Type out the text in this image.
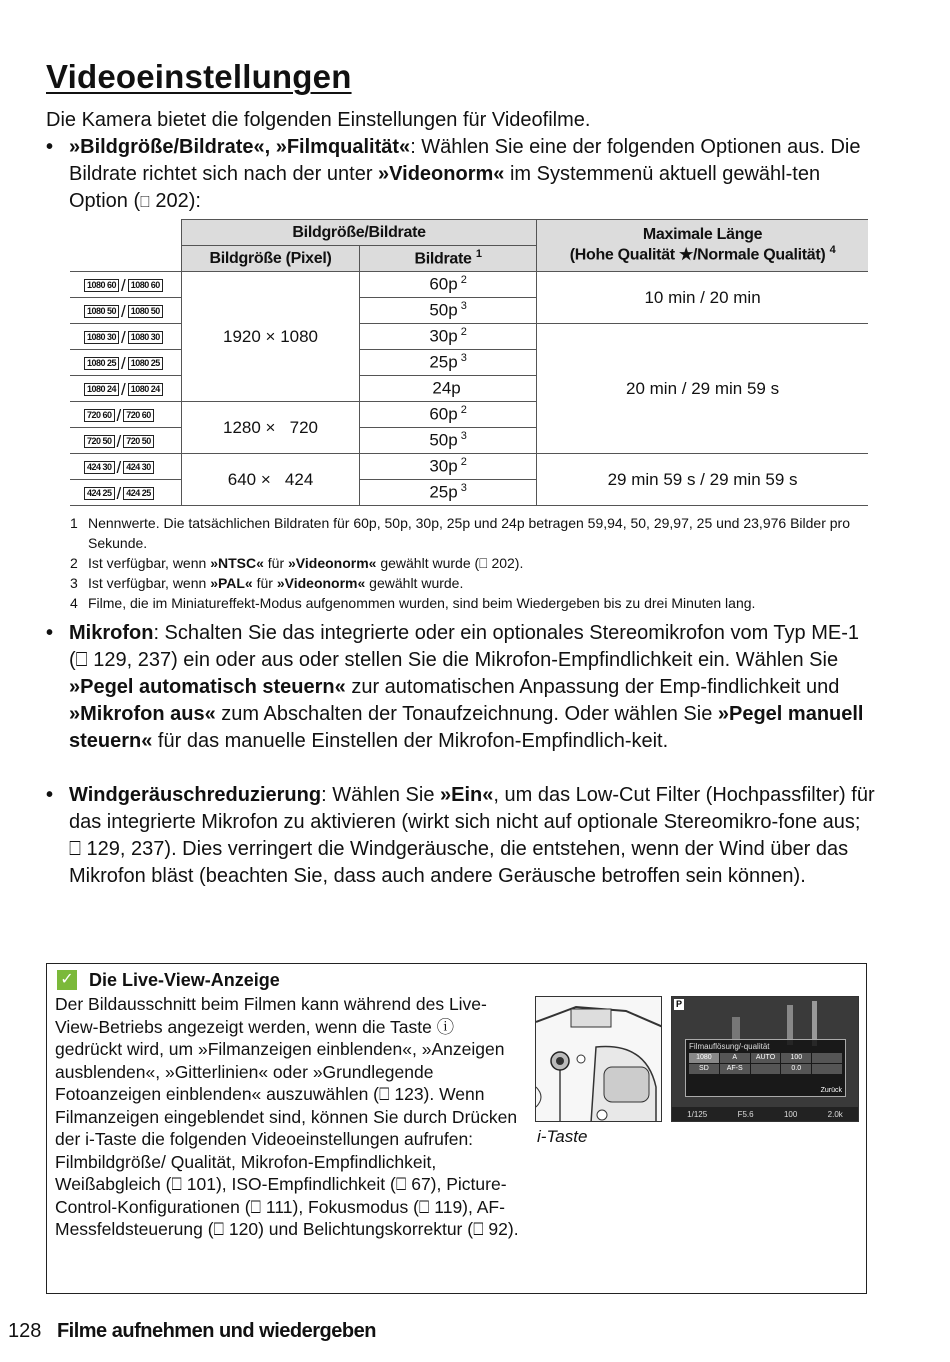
Videoeinstellungen
Die Kamera bietet die folgenden Einstellungen für Videofilme.
• »Bildgröße/Bildrate«, »Filmqualität«: Wählen Sie eine der folgenden Optionen aus. Die Bildrate richtet sich nach der unter »Videonorm« im Systemmenü aktuell gewähl-ten Option (⎕ 202):
	Bildgröße/Bildrate		Maximale Länge
(Hohe Qualität ★/Normale Qualität) $^4$

	Bildgröße (Pixel)	Bildrate $^1$

1080 60 / 1080 60	1920 × 1080	60p $^2$	10 min / 20 min

1080 50 / 1080 50		50p $^3$

1080 30 / 1080 30		30p $^2$	20 min / 29 min 59 s

1080 25 / 1080 25		25p $^3$

1080 24 / 1080 24		24p	

720 60 / 720 60	1280 ×   720	60p $^2$

720 50 / 720 50		50p $^3$

424 30 / 424 30	640 ×   424	30p $^2$	29 min 59 s / 29 min 59 s

424 25 / 424 25		25p $^3$
1 Nennwerte. Die tatsächlichen Bildraten für 60p, 50p, 30p, 25p und 24p betragen 59,94, 50, 29,97, 25 und 23,976 Bilder pro Sekunde.
2 Ist verfügbar, wenn »NTSC« für »Videonorm« gewählt wurde (⎕ 202).
3 Ist verfügbar, wenn »PAL« für »Videonorm« gewählt wurde.
4 Filme, die im Miniatureffekt-Modus aufgenommen wurden, sind beim Wiedergeben bis zu drei Minuten lang.
• Mikrofon: Schalten Sie das integrierte oder ein optionales Stereomikrofon vom Typ ME-1 (⎕ 129, 237) ein oder aus oder stellen Sie die Mikrofon-Empfindlichkeit ein. Wählen Sie »Pegel automatisch steuern« zur automatischen Anpassung der Emp-findlichkeit und »Mikrofon aus« zum Abschalten der Tonaufzeichnung. Oder wählen Sie »Pegel manuell steuern« für das manuelle Einstellen der Mikrofon-Empfindlich-keit.
• Windgeräuschreduzierung: Wählen Sie »Ein«, um das Low-Cut Filter (Hochpassfilter) für das integrierte Mikrofon zu aktivieren (wirkt sich nicht auf optionale Stereomikro-fone aus; ⎕ 129, 237). Dies verringert die Windgeräusche, die entstehen, wenn der Wind über das Mikrofon bläst (beachten Sie, dass auch andere Geräusche betroffen sein können).
✓ Die Live-View-Anzeige
Der Bildausschnitt beim Filmen kann während des Live-View-Betriebs angezeigt werden, wenn die Taste ⓘ gedrückt wird, um »Filmanzeigen einblenden«, »Anzeigen ausblenden«, »Gitterlinien« oder »Grundlegende Fotoanzeigen einblenden« auszuwählen (⎕ 123). Wenn Filmanzeigen eingeblendet sind, können Sie durch Drücken der i-Taste die folgenden Videoeinstellungen aufrufen: Filmbildgröße/ Qualität, Mikrofon-Empfindlichkeit, Weißabgleich (⎕ 101), ISO-Empfindlichkeit (⎕ 67), Picture-Control-Konfigurationen (⎕ 111), Fokusmodus (⎕ 119), AF-Messfeldsteuerung (⎕ 120) und Belichtungskorrektur (⎕ 92).
i-Taste
P
Filmauflösung/-qualität
1080	A	AUTO	100
SD	AF-S	0.0
Zurück
1/125	F5.6	100	2.0k
128 Filme aufnehmen und wiedergeben
